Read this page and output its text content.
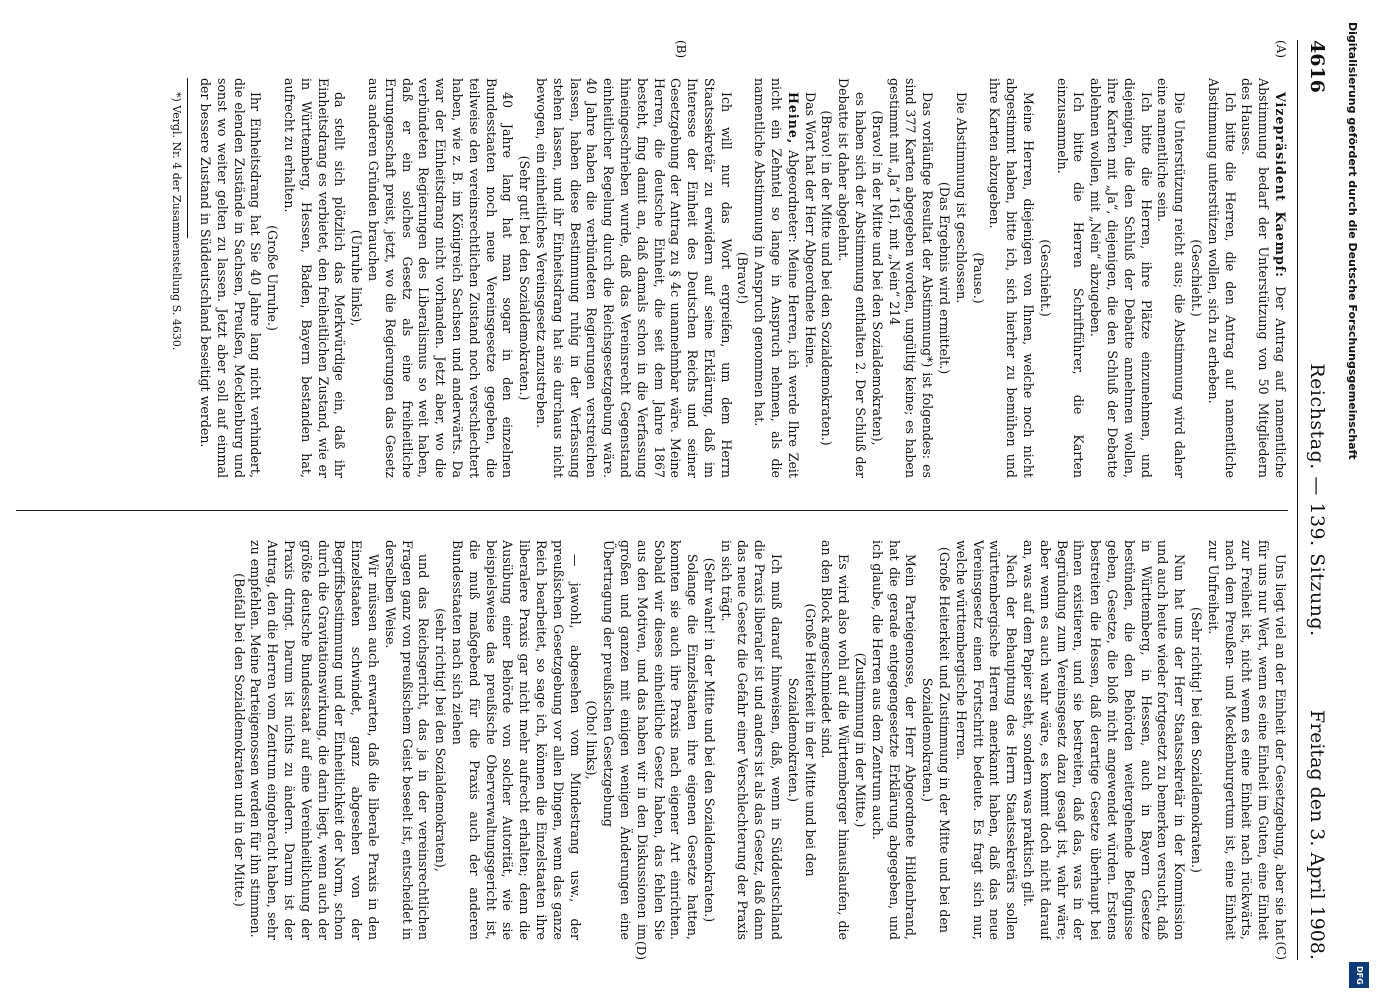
4616
Reichstag. — 139. Sitzung.
Freitag den 3. April 1908.
(A)
(B)
(C)
(D)

Vizepräsident Kaempf: Der Antrag auf namentliche Abstimmung bedarf der Unterstützung von 50 Mitgliedern des Hauses.

Ich bitte die Herren, die den Antrag auf namentliche Abstimmung unterstützen wollen, sich zu erheben.

(Geschieht.)

Die Unterstützung reicht aus; die Abstimmung wird daher eine namentliche sein.

Ich bitte die Herren, ihre Plätze einzunehmen, und diejenigen, die den Schluß der Debatte annehmen wollen, ihre Karten mit „Ja“, diejenigen, die den Schluß der Debatte ablehnen wollen, mit „Nein“ abzugeben.

Ich bitte die Herren Schriftführer, die Karten einzusammeln.

(Geschieht.)

Meine Herren, diejenigen von Ihnen, welche noch nicht abgestimmt haben, bitte ich, sich hierher zu bemühen und ihre Karten abzugeben.

(Pause.)

Die Abstimmung ist geschlossen.

(Das Ergebnis wird ermittelt.)

Das vorläufige Resultat der Abstimmung*) ist folgendes: es sind 377 Karten abgegeben worden, ungültig keine; es haben gestimmt mit „Ja“ 161, mit „Nein“ 214

(Bravo! in der Mitte und bei den Sozialdemokraten),

es haben sich der Abstimmung enthalten 2. Der Schluß der Debatte ist daher abgelehnt.

(Bravo! in der Mitte und bei den Sozialdemokraten.)

Das Wort hat der Herr Abgeordnete Heine.

Heine, Abgeordneter: Meine Herren, ich werde Ihre Zeit nicht ein Zehntel so lange in Anspruch nehmen, als die namentliche Abstimmung in Anspruch genommen hat.

(Bravo!)

Ich will nur das Wort ergreifen, um dem Herrn Staatssekretär zu erwidern auf seine Erklärung, daß im Interesse der Einheit des Deutschen Reichs und seiner Gesetzgebung der Antrag zu § 4c unannehmbar wäre. Meine Herren, die deutsche Einheit, die seit dem Jahre 1867 besteht, fing damit an, daß damals schon in die Verfassung hineingeschrieben wurde, daß das Vereinsrecht Gegenstand einheitlicher Regelung durch die Reichsgesetzgebung wäre. 40 Jahre haben die verbündeten Regierungen verstreichen lassen, haben diese Bestimmung ruhig in der Verfassung stehen lassen, und ihr Einheitsdrang hat sie durchaus nicht bewogen, ein einheitliches Vereinsgesetz anzustreben.

(Sehr gut! bei den Sozialdemokraten.)

40 Jahre lang hat man sogar in den einzelnen Bundesstaaten noch neue Vereinsgesetze gegeben, die teilweise den vereinsrechtlichen Zustand noch verschlechtert haben, wie z. B. im Königreich Sachsen und anderwärts. Da war der Einheitsdrang nicht vorhanden. Jetzt aber, wo die verbündeten Regierungen des Liberalismus so weit haben, daß er ein solches Gesetz als eine freiheitliche Errungenschaft preist, jetzt, wo die Regierungen das Gesetz aus anderen Gründen brauchen

(Unruhe links),

da stellt sich plötzlich das Merkwürdige ein, daß ihr Einheitsdrang es verbietet, den freiheitlichen Zustand, wie er in Württemberg, Hessen, Baden, Bayern bestanden hat, aufrecht zu erhalten.

(Große Unruhe.)

Ihr Einheitsdrang hat Sie 40 Jahre lang nicht verhindert, die elenden Zustände in Sachsen, Preußen, Mecklenburg und sonst wo weiter gelten zu lassen. Jetzt aber soll auf einmal der bessere Zustand in Süddeutschland beseitigt werden.

*) Vergl. Nr. 4 der Zusammenstellung S. 4630.

Uns liegt viel an der Einheit der Gesetzgebung, aber sie hat für uns nur Wert, wenn es eine Einheit im Guten, eine Einheit zur Freiheit ist, nicht wenn es eine Einheit nach rückwärts, nach dem Preußen- und Mecklenburgertum ist, eine Einheit zur Unfreiheit.

(Sehr richtig! bei den Sozialdemokraten.)

Nun hat uns der Herr Staatssekretär in der Kommission und auch heute wieder fortgesetzt zu bemerken versucht, daß in Württemberg, in Hessen, auch in Bayern Gesetze bestünden, die den Behörden weitergehende Befugnisse geben, Gesetze, die bloß nicht angewendet würden. Erstens bestreiten die Hessen, daß derartige Gesetze überhaupt bei ihnen existieren, und sie bestreiten, daß das, was in der Begründung zum Vereinsgesetz dazu gesagt ist, wahr wäre; aber wenn es auch wahr wäre, es kommt doch nicht darauf an, was auf dem Papier steht, sondern was praktisch gilt.

Nach der Behauptung des Herrn Staatssekretärs sollen württembergische Herren anerkannt haben, daß das neue Vereinsgesetz einen Fortschritt bedeute. Es fragt sich nur, welche württembergische Herren.

(Große Heiterkeit und Zustimmung in der Mitte und bei den Sozialdemokraten.)

Mein Parteigenosse, der Herr Abgeordnete Hildenbrand, hat die gerade entgegengesetzte Erklärung abgegeben, und ich glaube, die Herren aus dem Zentrum auch.

(Zustimmung in der Mitte.)

Es wird also wohl auf die Württemberger hinauslaufen, die an den Block angeschmiedet sind.

(Große Heiterkeit in der Mitte und bei den Sozialdemokraten.)

Ich muß darauf hinweisen, daß, wenn in Süddeutschland die Praxis liberaler ist und anders ist als das Gesetz, daß dann das neue Gesetz die Gefahr einer Verschlechterung der Praxis in sich trägt.

(Sehr wahr! in der Mitte und bei den Sozialdemokraten.)

Solange die Einzelstaaten ihre eigenen Gesetze hatten, konnten sie auch ihre Praxis nach eigener Art einrichten. Sobald wir dieses einheitliche Gesetz haben, das fehlen Sie aus den Motiven, und das haben wir in den Diskussionen im großen und ganzen mit einigen wenigen Änderungen eine Übertragung der preußischen Gesetzgebung

(Oho! links),

— jawohl, abgesehen vom Mindestrang usw., der preußischen Gesetzgebung vor allen Dingen, wenn das ganze Reich bearbeitet, so sage ich, können die Einzelstaaten ihre liberalere Praxis gar nicht mehr aufrecht erhalten; denn die Ausübung einer Behörde von solcher Autorität, wie sie beispielsweise das preußische Oberverwaltungsgericht ist, die muß maßgebend für die Praxis auch der anderen Bundesstaaten nach sich ziehen

(sehr richtig! bei den Sozialdemokraten),

und das Reichsgericht, das ja in der vereinsrechtlichen Fragen ganz von preußischem Geist beseelt ist, entscheidet in derselben Weise.

Wir müssen auch erwarten, daß die liberale Praxis in den Einzelstaaten schwindet, ganz abgesehen von der Begriffsbestimmung und der Einheitlichkeit der Norm, schon durch die Gravitationswirkung, die darin liegt, wenn auch der größte deutsche Bundesstaat auf eine Vereinheitlichung der Praxis dringt. Darum ist nichts zu ändern. Darum ist der Antrag, den die Herren vom Zentrum eingebracht haben, sehr zu empfehlen. Meine Parteigenossen werden für ihn stimmen.

(Beifall bei den Sozialdemokraten und in der Mitte.)

Digitalisierung gefördert durch die Deutsche Forschungsgemeinschaft
DFG
